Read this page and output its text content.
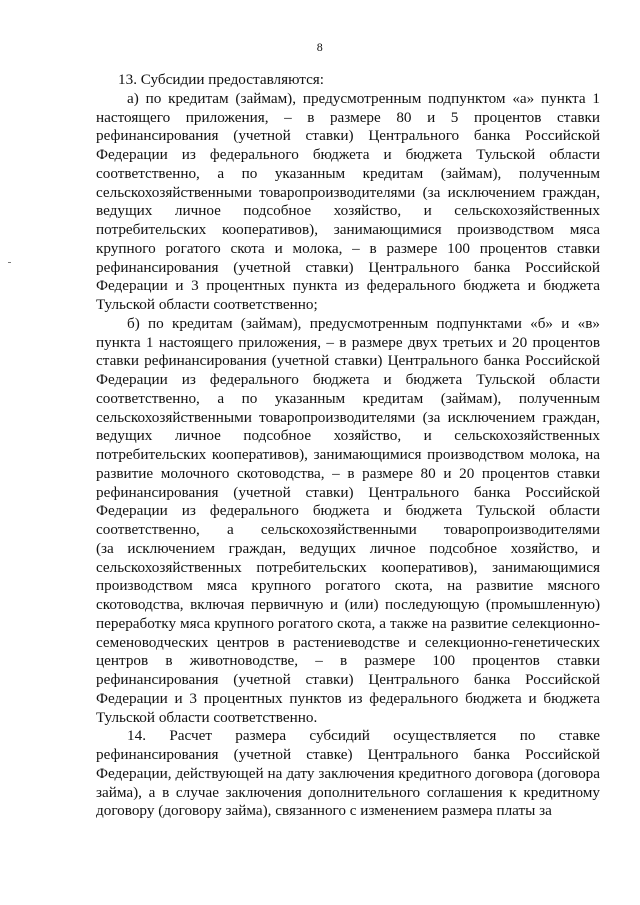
8
13. Субсидии предоставляются:
а) по кредитам (займам), предусмотренным подпунктом «а» пункта 1
настоящего приложения, – в размере 80 и 5 процентов ставки
рефинансирования (учетной ставки) Центрального банка Российской
Федерации из федерального бюджета и бюджета Тульской области
соответственно, а по указанным кредитам (займам), полученным
сельскохозяйственными товаропроизводителями (за исключением граждан,
ведущих личное подсобное хозяйство, и сельскохозяйственных
потребительских кооперативов), занимающимися производством мяса
крупного рогатого скота и молока, – в размере 100 процентов ставки
рефинансирования (учетной ставки) Центрального банка Российской
Федерации и 3 процентных пункта из федерального бюджета и бюджета
Тульской области соответственно;
б) по кредитам (займам), предусмотренным подпунктами «б» и «в»
пункта 1 настоящего приложения, – в размере двух третьих и 20 процентов
ставки рефинансирования (учетной ставки) Центрального банка Российской
Федерации из федерального бюджета и бюджета Тульской области
соответственно, а по указанным кредитам (займам), полученным
сельскохозяйственными товаропроизводителями (за исключением граждан,
ведущих личное подсобное хозяйство, и сельскохозяйственных
потребительских кооперативов), занимающимися производством молока, на
развитие молочного скотоводства, – в размере 80 и 20 процентов ставки
рефинансирования (учетной ставки) Центрального банка Российской
Федерации из федерального бюджета и бюджета Тульской области
соответственно, а сельскохозяйственными товаропроизводителями
(за исключением граждан, ведущих личное подсобное хозяйство, и
сельскохозяйственных потребительских кооперативов), занимающимися
производством мяса крупного рогатого скота, на развитие мясного
скотоводства, включая первичную и (или) последующую (промышленную)
переработку мяса крупного рогатого скота, а также на развитие селекционно-
семеноводческих центров в растениеводстве и селекционно-генетических
центров в животноводстве, – в размере 100 процентов ставки
рефинансирования (учетной ставки) Центрального банка Российской
Федерации и 3 процентных пунктов из федерального бюджета и бюджета
Тульской области соответственно.
14. Расчет размера субсидий осуществляется по ставке
рефинансирования (учетной ставке) Центрального банка Российской
Федерации, действующей на дату заключения кредитного договора (договора
займа), а в случае заключения дополнительного соглашения к кредитному
договору (договору займа), связанного с изменением размера платы за
